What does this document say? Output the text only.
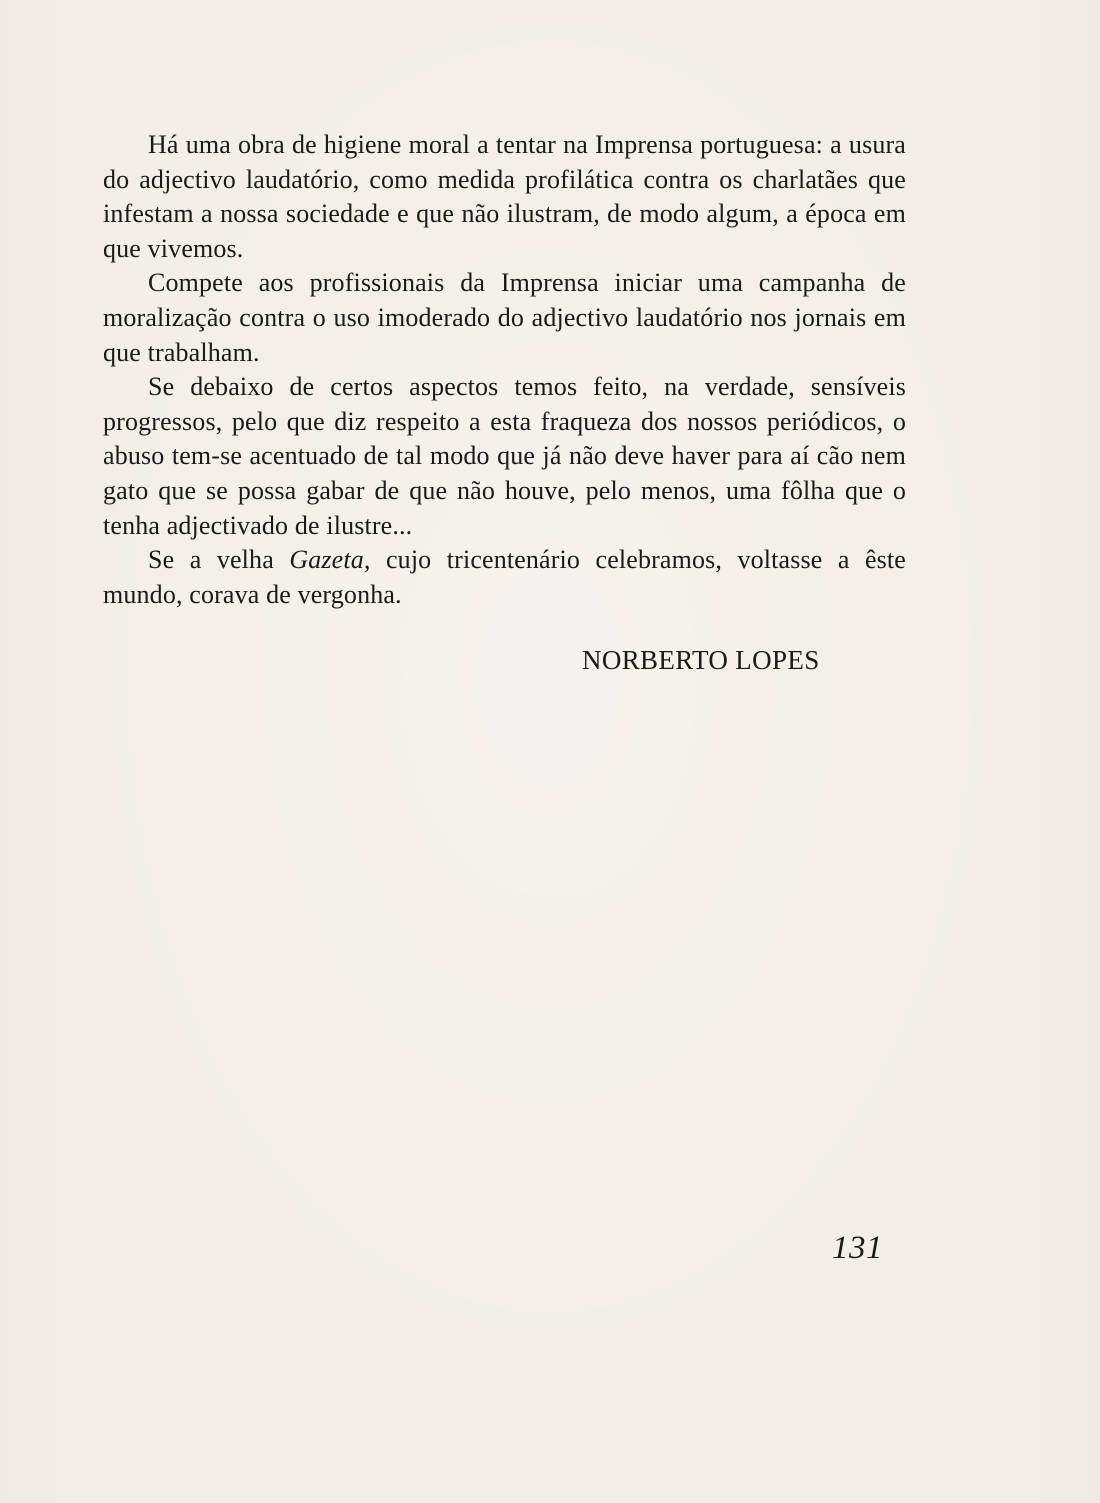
Há uma obra de higiene moral a tentar na Imprensa portuguesa: a usura do adjectivo laudatório, como medida profilática contra os charlatães que infestam a nossa sociedade e que não ilustram, de modo algum, a época em que vivemos.

Compete aos profissionais da Imprensa iniciar uma campanha de moralização contra o uso imoderado do adjectivo laudatório nos jornais em que trabalham.

Se debaixo de certos aspectos temos feito, na verdade, sensíveis progressos, pelo que diz respeito a esta fraqueza dos nossos periódicos, o abuso tem-se acentuado de tal modo que já não deve haver para aí cão nem gato que se possa gabar de que não houve, pelo menos, uma fôlha que o tenha adjectivado de ilustre...

Se a velha Gazeta, cujo tricentenário celebramos, voltasse a êste mundo, corava de vergonha.

NORBERTO LOPES
131
